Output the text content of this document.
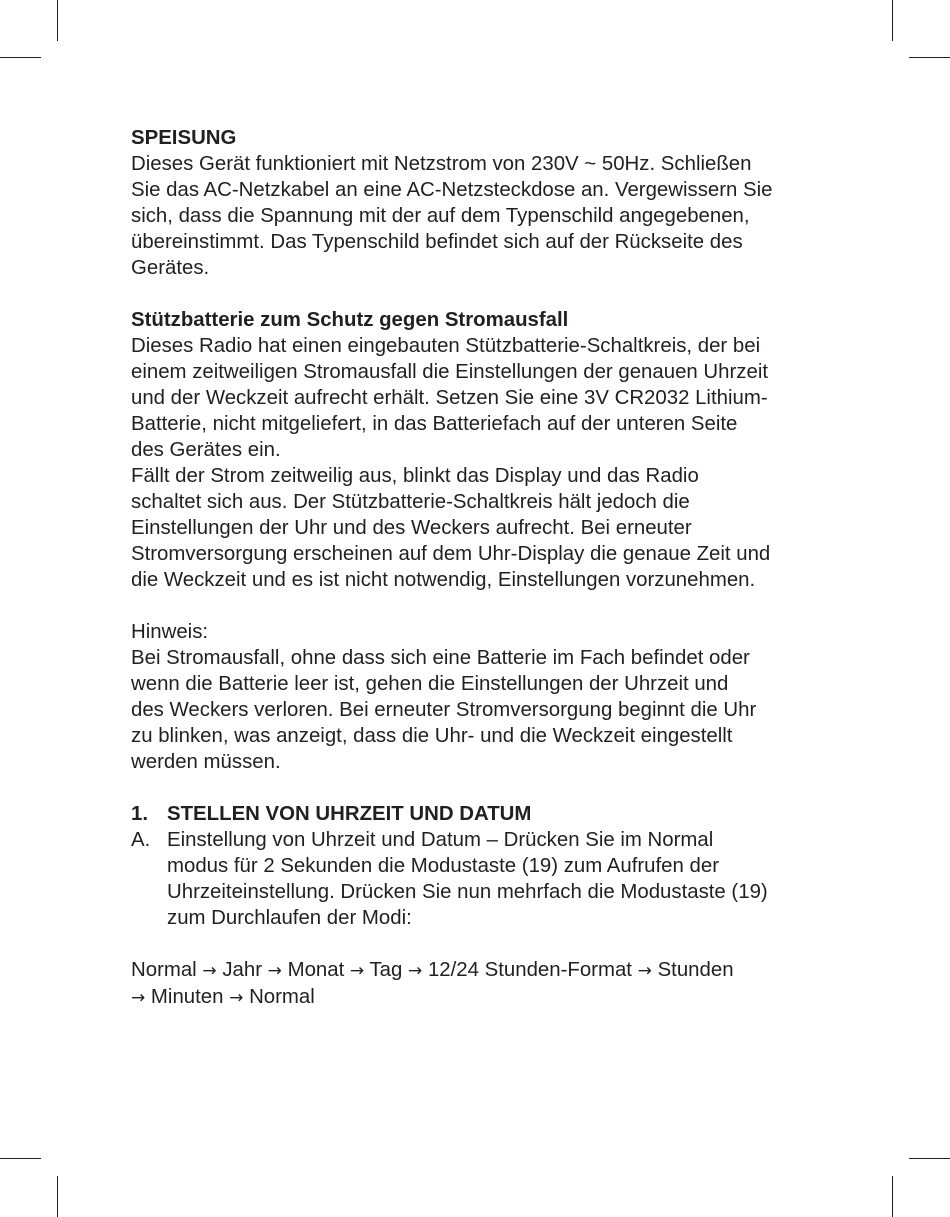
SPEISUNG

Dieses Gerät funktioniert mit Netzstrom von 230V ~ 50Hz. Schließen

Sie das AC-Netzkabel an eine AC-Netzsteckdose an. Vergewissern Sie

sich, dass die Spannung mit der auf dem Typenschild angegebenen,

übereinstimmt. Das Typenschild befindet sich auf der Rückseite des

Gerätes.

Stützbatterie zum Schutz gegen Stromausfall

Dieses Radio hat einen eingebauten Stützbatterie-Schaltkreis, der bei

einem zeitweiligen Stromausfall die Einstellungen der genauen Uhrzeit

und der Weckzeit aufrecht erhält. Setzen Sie eine 3V CR2032 Lithium-

Batterie, nicht mitgeliefert, in das Batteriefach auf der unteren Seite

des Gerätes ein.

Fällt der Strom zeitweilig aus, blinkt das Display und das Radio

schaltet sich aus. Der Stützbatterie-Schaltkreis hält jedoch die

Einstellungen der Uhr und des Weckers aufrecht. Bei erneuter

Stromversorgung erscheinen auf dem Uhr-Display die genaue Zeit und

die Weckzeit und es ist nicht notwendig, Einstellungen vorzunehmen.

Hinweis:

Bei Stromausfall, ohne dass sich eine Batterie im Fach befindet oder

wenn die Batterie leer ist, gehen die Einstellungen der Uhrzeit und

des Weckers verloren. Bei erneuter Stromversorgung beginnt die Uhr

zu blinken, was anzeigt, dass die Uhr- und die Weckzeit eingestellt

werden müssen.

1. STELLEN VON UHRZEIT UND DATUM
A. Einstellung von Uhrzeit und Datum – Drücken Sie im Normal

modus für 2 Sekunden die Modustaste (19) zum Aufrufen der

Uhrzeiteinstellung. Drücken Sie nun mehrfach die Modustaste (19)

zum Durchlaufen der Modi:

Normal → Jahr → Monat → Tag → 12/24 Stunden-Format → Stunden

→ Minuten → Normal
